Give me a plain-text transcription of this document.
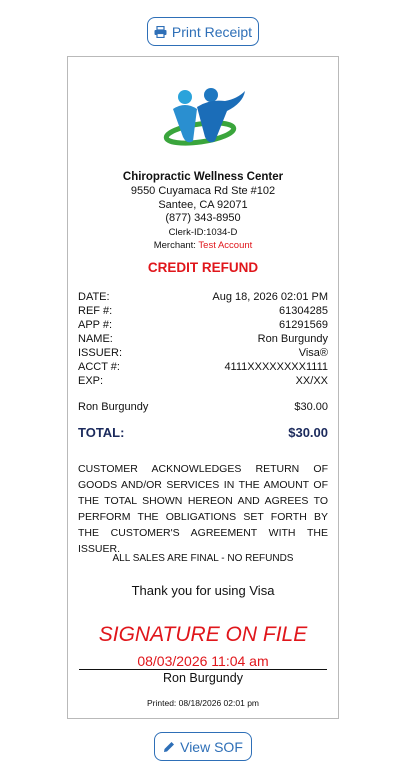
Print Receipt
Chiropractic Wellness Center
9550 Cuyamaca Rd Ste #102
Santee, CA 92071
(877) 343-8950
Clerk-ID:1034-D
Merchant: Test Account
CREDIT REFUND
DATE:	Aug 18, 2026 02:01 PM
REF #:	61304285
APP #:	61291569
NAME:	Ron Burgundy
ISSUER:	Visa®
ACCT #:	4111XXXXXXXX1111
EXP:	XX/XX
Ron Burgundy	$30.00
TOTAL:	$30.00
CUSTOMER ACKNOWLEDGES RETURN OF GOODS AND/OR SERVICES IN THE AMOUNT OF THE TOTAL SHOWN HEREON AND AGREES TO PERFORM THE OBLIGATIONS SET FORTH BY THE CUSTOMER'S AGREEMENT WITH THE ISSUER.
ALL SALES ARE FINAL - NO REFUNDS
Thank you for using Visa
SIGNATURE ON FILE
08/03/2026 11:04 am
Ron Burgundy
Printed: 08/18/2026 02:01 pm
View SOF
